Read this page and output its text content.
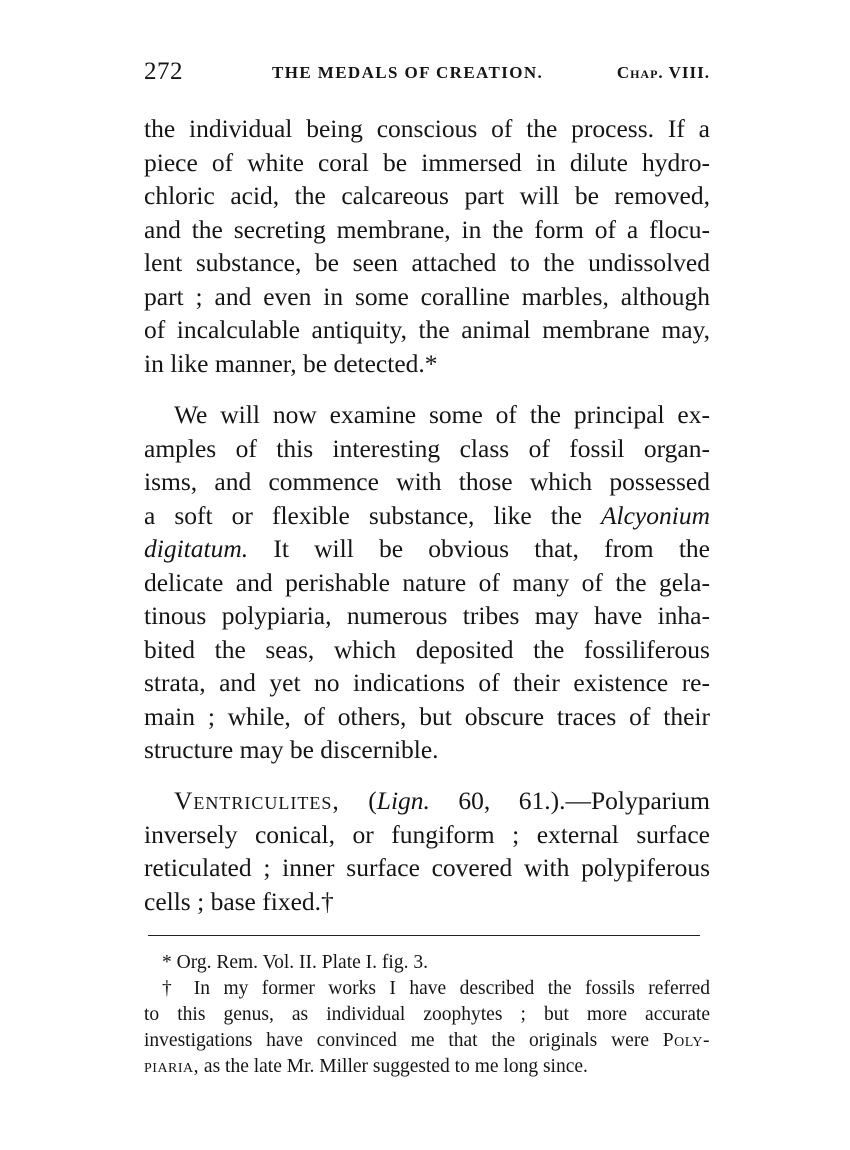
272	THE MEDALS OF CREATION.	Chap. VIII.
the individual being conscious of the process. If a
piece of white coral be immersed in dilute hydro-
chloric acid, the calcareous part will be removed,
and the secreting membrane, in the form of a flocu-
lent substance, be seen attached to the undissolved
part ; and even in some coralline marbles, although
of incalculable antiquity, the animal membrane may,
in like manner, be detected.*
We will now examine some of the principal ex-
amples of this interesting class of fossil organ-
isms, and commence with those which possessed
a soft or flexible substance, like the Alcyonium
digitatum. It will be obvious that, from the
delicate and perishable nature of many of the gela-
tinous polypiaria, numerous tribes may have inha-
bited the seas, which deposited the fossiliferous
strata, and yet no indications of their existence re-
main ; while, of others, but obscure traces of their
structure may be discernible.
Ventriculites, (Lign. 60, 61.).—Polyparium
inversely conical, or fungiform ; external surface
reticulated ; inner surface covered with polypiferous
cells ; base fixed.†
* Org. Rem. Vol. II. Plate I. fig. 3.
† In my former works I have described the fossils referred
to this genus, as individual zoophytes ; but more accurate
investigations have convinced me that the originals were Poly-
piaria, as the late Mr. Miller suggested to me long since.
